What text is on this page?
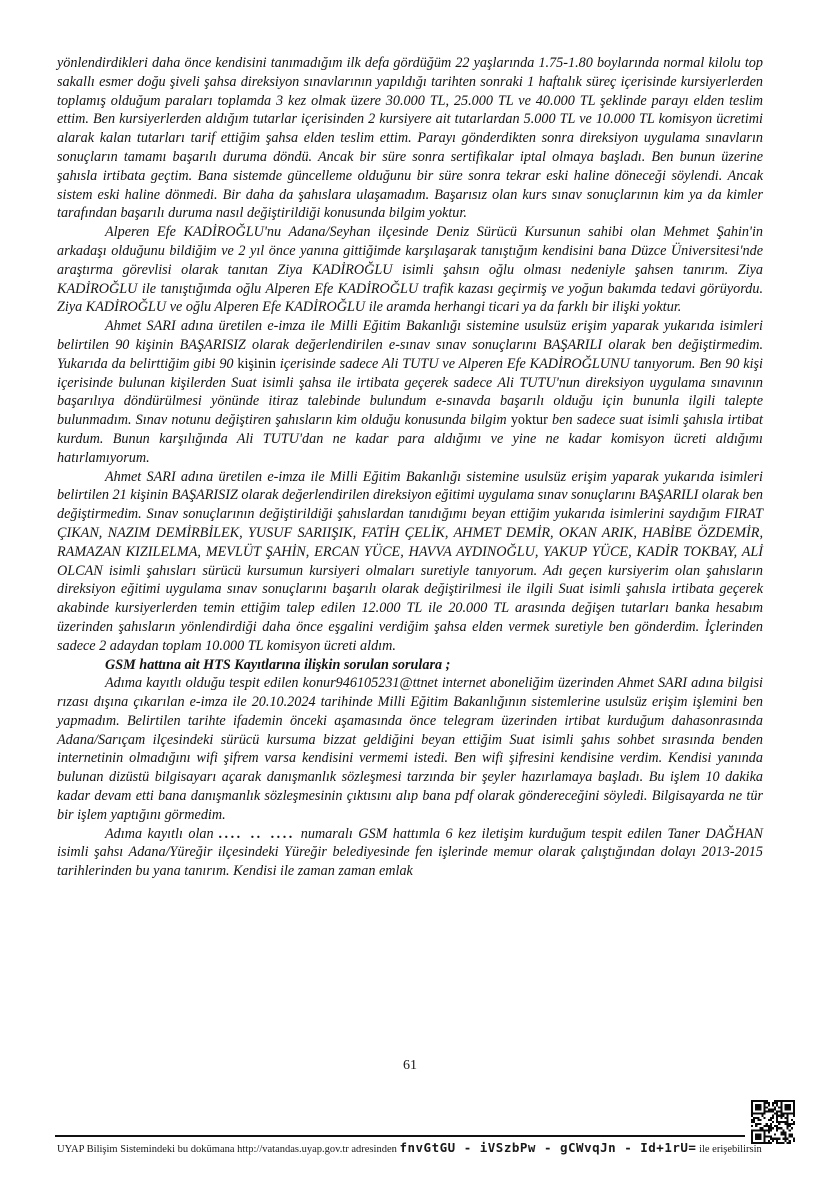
yönlendirdikleri daha önce kendisini tanımadığım ilk defa gördüğüm 22 yaşlarında 1.75-1.80 boylarında normal kilolu top sakallı esmer doğu şiveli şahsa direksiyon sınavlarının yapıldığı tarihten sonraki 1 haftalık süreç içerisinde kursiyerlerden toplamış olduğum paraları toplamda 3 kez olmak üzere 30.000 TL, 25.000 TL ve 40.000 TL şeklinde parayı elden teslim ettim. Ben kursiyerlerden aldığım tutarlar içerisinden 2 kursiyere ait tutarlardan 5.000 TL ve 10.000 TL komisyon ücretimi alarak kalan tutarları tarif ettiğim şahsa elden teslim ettim. Parayı gönderdikten sonra direksiyon uygulama sınavların sonuçların tamamı başarılı duruma döndü. Ancak bir süre sonra sertifikalar iptal olmaya başladı. Ben bunun üzerine şahısla irtibata geçtim. Bana sistemde güncelleme olduğunu bir süre sonra tekrar eski haline döneceği söylendi. Ancak sistem eski haline dönmedi. Bir daha da şahıslara ulaşamadım. Başarısız olan kurs sınav sonuçlarının kim ya da kimler tarafından başarılı duruma nasıl değiştirildiği konusunda bilgim yoktur.

Alperen Efe KADİROĞLU'nu Adana/Seyhan ilçesinde Deniz Sürücü Kursunun sahibi olan Mehmet Şahin'in arkadaşı olduğunu bildiğim ve 2 yıl önce yanına gittiğimde karşılaşarak tanıştığım kendisini bana Düzce Üniversitesi'nde araştırma görevlisi olarak tanıtan Ziya KADİROĞLU isimli şahsın oğlu olması nedeniyle şahsen tanırım. Ziya KADİROĞLU ile tanıştığımda oğlu Alperen Efe KADİROĞLU trafik kazası geçirmiş ve yoğun bakımda tedavi görüyordu. Ziya KADİROĞLU ve oğlu Alperen Efe KADİROĞLU ile aramda herhangi ticari ya da farklı bir ilişki yoktur.

Ahmet SARI adına üretilen e-imza ile Milli Eğitim Bakanlığı sistemine usulsüz erişim yaparak yukarıda isimleri belirtilen 90 kişinin BAŞARISIZ olarak değerlendirilen e-sınav sınav sonuçlarını BAŞARILI olarak ben değiştirmedim. Yukarıda da belirttiğim gibi 90 kişinin içerisinde sadece Ali TUTU ve Alperen Efe KADİROĞLUNU tanıyorum. Ben 90 kişi içerisinde bulunan kişilerden Suat isimli şahsa ile irtibata geçerek sadece Ali TUTU'nun direksiyon uygulama sınavının başarılıya döndürülmesi yönünde itiraz talebinde bulundum e-sınavda başarılı olduğu için bununla ilgili talepte bulunmadım. Sınav notunu değiştiren şahısların kim olduğu konusunda bilgim yoktur ben sadece suat isimli şahısla irtibat kurdum. Bunun karşılığında Ali TUTU'dan ne kadar para aldığımı ve yine ne kadar komisyon ücreti aldığımı hatırlamıyorum.

Ahmet SARI adına üretilen e-imza ile Milli Eğitim Bakanlığı sistemine usulsüz erişim yaparak yukarıda isimleri belirtilen 21 kişinin BAŞARISIZ olarak değerlendirilen direksiyon eğitimi uygulama sınav sonuçlarını BAŞARILI olarak ben değiştirmedim. Sınav sonuçlarının değiştirildiği şahıslardan tanıdığımı beyan ettiğim yukarıda isimlerini saydığım FIRAT ÇIKAN, NAZIM DEMİRBİLEK, YUSUF SARIIŞIK, FATİH ÇELİK, AHMET DEMİR, OKAN ARIK, HABİBE ÖZDEMİR, RAMAZAN KIZILELMA, MEVLÜT ŞAHİN, ERCAN YÜCE, HAVVA AYDINOĞLU, YAKUP YÜCE, KADİR TOKBAY, ALİ OLCAN isimli şahısları sürücü kursumun kursiyeri olmaları suretiyle tanıyorum. Adı geçen kursiyerim olan şahısların direksiyon eğitimi uygulama sınav sonuçlarını başarılı olarak değiştirilmesi ile ilgili Suat isimli şahısla irtibata geçerek akabinde kursiyerlerden temin ettiğim talep edilen 12.000 TL ile 20.000 TL arasında değişen tutarları banka hesabım üzerinden şahısların yönlendirdiği daha önce eşgalini verdiğim şahsa elden vermek suretiyle ben gönderdim. İçlerinden sadece 2 adaydan toplam 10.000 TL komisyon ücreti aldım.

GSM hattına ait HTS Kayıtlarına ilişkin sorulan sorulara ;

Adıma kayıtlı olduğu tespit edilen konur946105231@ttnet internet aboneliğim üzerinden Ahmet SARI adına bilgisi rızası dışına çıkarılan e-imza ile 20.10.2024 tarihinde Milli Eğitim Bakanlığının sistemlerine usulsüz erişim işlemini ben yapmadım. Belirtilen tarihte ifademin önceki aşamasında önce telegram üzerinden irtibat kurduğum dahasonrasında Adana/Sarıçam ilçesindeki sürücü kursuma bizzat geldiğini beyan ettiğim Suat isimli şahıs sohbet sırasında benden internetinin olmadığını wifi şifrem varsa kendisini vermemi istedi. Ben wifi şifresini kendisine verdim. Kendisi yanında bulunan dizüstü bilgisayarı açarak danışmanlık sözleşmesi tarzında bir şeyler hazırlamaya başladı. Bu işlem 10 dakika kadar devam etti bana danışmanlık sözleşmesinin çıktısını alıp bana pdf olarak göndereceğini söyledi. Bilgisayarda ne tür bir işlem yaptığını görmedim.

Adıma kayıtlı olan .... .. .... numaralı GSM hattımla 6 kez iletişim kurduğum tespit edilen Taner DAĞHAN isimli şahsı Adana/Yüreğir ilçesindeki Yüreğir belediyesinde fen işlerinde memur olarak çalıştığından dolayı 2013-2015 tarihlerinden bu yana tanırım. Kendisi ile zaman zaman emlak

61
UYAP Bilişim Sistemindeki bu dokümana http://vatandas.uyap.gov.tr adresinden fnvGtGU - iVSzbPw - gCWvqJn - Id+1rU= ile erişebilirsin
